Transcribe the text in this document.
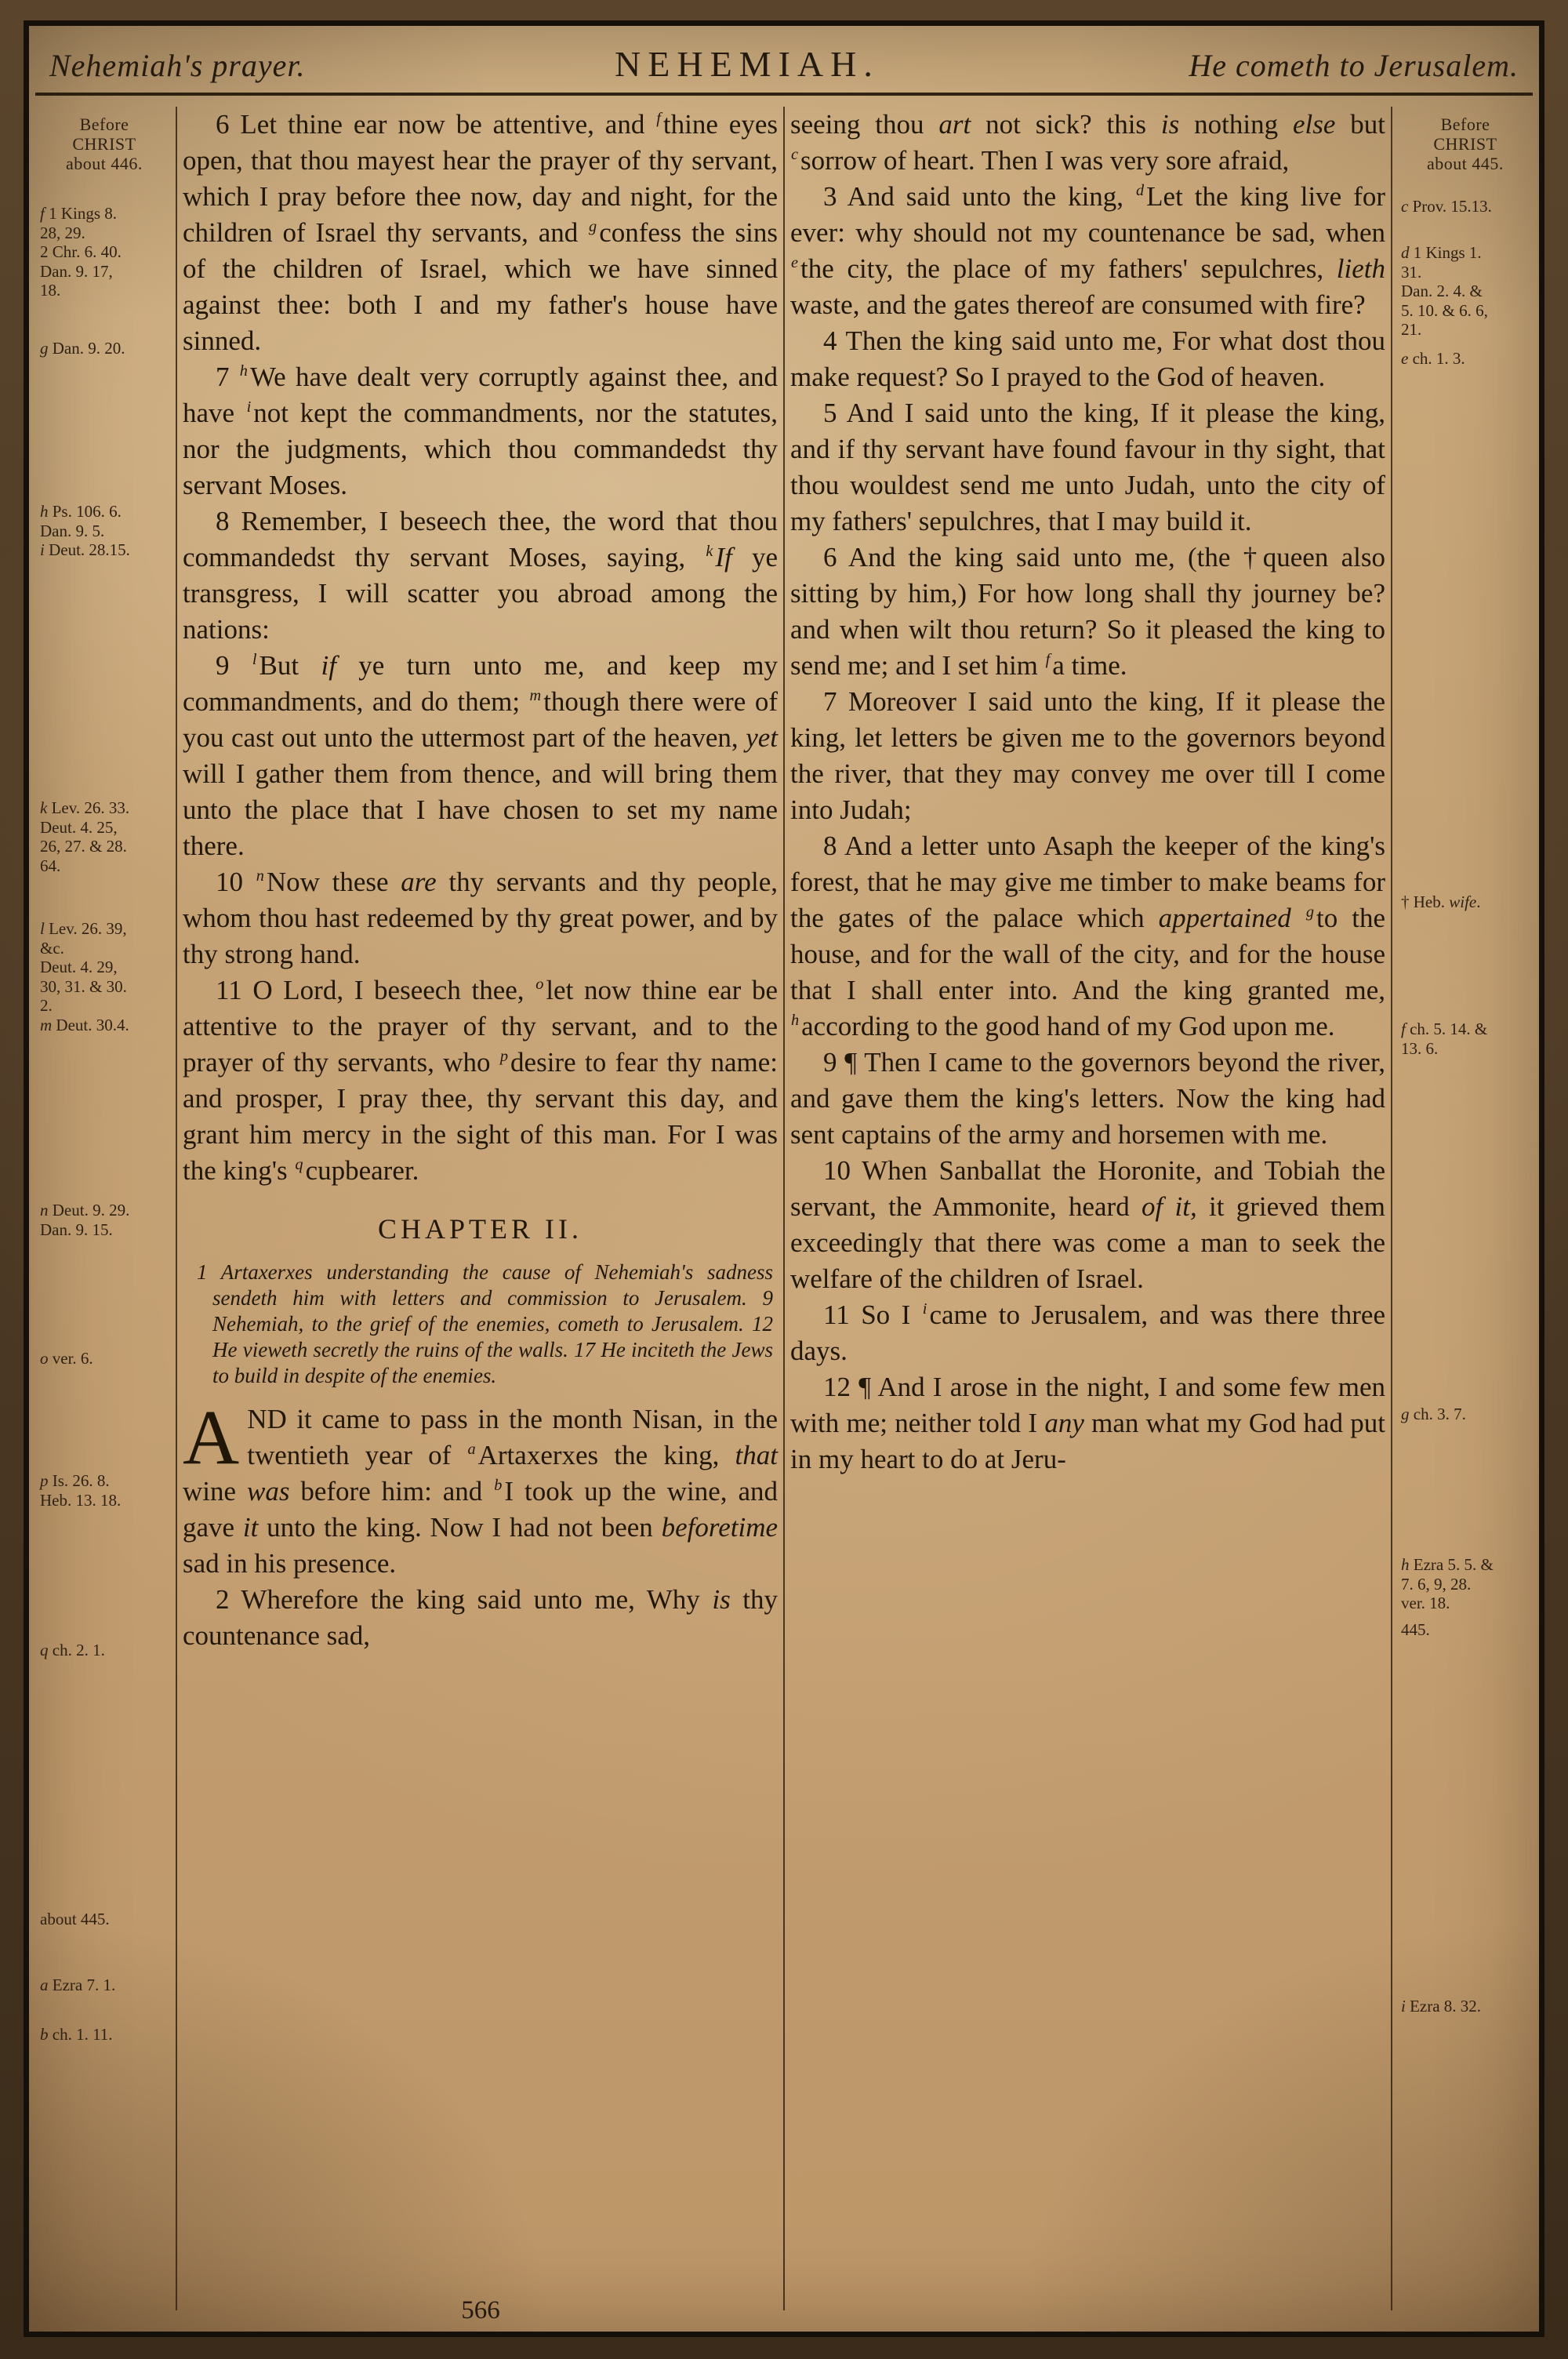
Nehemiah's prayer.	NEHEMIAH.	He cometh to Jerusalem.
Before
CHRIST
about 446.
f 1 Kings 8.
28, 29.
2 Chr. 6. 40.
Dan. 9. 17,
18.
g Dan. 9. 20.
h Ps. 106. 6.
Dan. 9. 5.
i Deut. 28.15.
k Lev. 26. 33.
Deut. 4. 25,
26, 27. & 28.
64.
l Lev. 26. 39,
&c.
Deut. 4. 29,
30, 31. & 30.
2.
m Deut. 30.4.
n Deut. 9. 29.
Dan. 9. 15.
o ver. 6.
p Is. 26. 8.
Heb. 13. 18.
q ch. 2. 1.
about 445.
a Ezra 7. 1.
b ch. 1. 11.

6 Let thine ear now be attentive, and $^f$thine eyes open, that thou mayest hear the prayer of thy servant, which I pray before thee now, day and night, for the children of Israel thy servants, and $^g$confess the sins of the children of Israel, which we have sinned against thee: both I and my father's house have sinned.

7 $^h$We have dealt very corruptly against thee, and have $^i$not kept the commandments, nor the statutes, nor the judgments, which thou commandedst thy servant Moses.

8 Remember, I beseech thee, the word that thou commandedst thy servant Moses, saying, $^k$If ye transgress, I will scatter you abroad among the nations:

9 $^l$But if ye turn unto me, and keep my commandments, and do them; $^m$though there were of you cast out unto the uttermost part of the heaven, yet will I gather them from thence, and will bring them unto the place that I have chosen to set my name there.

10 $^n$Now these are thy servants and thy people, whom thou hast redeemed by thy great power, and by thy strong hand.

11 O Lord, I beseech thee, $^o$let now thine ear be attentive to the prayer of thy servant, and to the prayer of thy servants, who $^p$desire to fear thy name: and prosper, I pray thee, thy servant this day, and grant him mercy in the sight of this man. For I was the king's $^q$cupbearer.

CHAPTER II.

1 Artaxerxes understanding the cause of Nehemiah's sadness sendeth him with letters and commission to Jerusalem. 9 Nehemiah, to the grief of the enemies, cometh to Jerusalem. 12 He vieweth secretly the ruins of the walls. 17 He inciteth the Jews to build in despite of the enemies.

AND it came to pass in the month Nisan, in the twentieth year of $^a$Artaxerxes the king, that wine was before him: and $^b$I took up the wine, and gave it unto the king. Now I had not been beforetime sad in his presence.

2 Wherefore the king said unto me, Why is thy countenance sad,

seeing thou art not sick? this is nothing else but $^c$sorrow of heart. Then I was very sore afraid,

3 And said unto the king, $^d$Let the king live for ever: why should not my countenance be sad, when $^e$the city, the place of my fathers' sepulchres, lieth waste, and the gates thereof are consumed with fire?

4 Then the king said unto me, For what dost thou make request? So I prayed to the God of heaven.

5 And I said unto the king, If it please the king, and if thy servant have found favour in thy sight, that thou wouldest send me unto Judah, unto the city of my fathers' sepulchres, that I may build it.

6 And the king said unto me, (the †queen also sitting by him,) For how long shall thy journey be? and when wilt thou return? So it pleased the king to send me; and I set him $^f$a time.

7 Moreover I said unto the king, If it please the king, let letters be given me to the governors beyond the river, that they may convey me over till I come into Judah;

8 And a letter unto Asaph the keeper of the king's forest, that he may give me timber to make beams for the gates of the palace which appertained $^g$to the house, and for the wall of the city, and for the house that I shall enter into. And the king granted me, $^h$according to the good hand of my God upon me.

9 ¶ Then I came to the governors beyond the river, and gave them the king's letters. Now the king had sent captains of the army and horsemen with me.

10 When Sanballat the Horonite, and Tobiah the servant, the Ammonite, heard of it, it grieved them exceedingly that there was come a man to seek the welfare of the children of Israel.

11 So I $^i$came to Jerusalem, and was there three days.

12 ¶ And I arose in the night, I and some few men with me; neither told I any man what my God had put in my heart to do at Jeru-

Before
CHRIST
about 445.
c Prov. 15.13.
d 1 Kings 1.
31.
Dan. 2. 4. &
5. 10. & 6. 6,
21.
e ch. 1. 3.
† Heb. wife.
f ch. 5. 14. &
13. 6.
g ch. 3. 7.
h Ezra 5. 5. &
7. 6, 9, 28.
ver. 18.
445.
i Ezra 8. 32.
566
